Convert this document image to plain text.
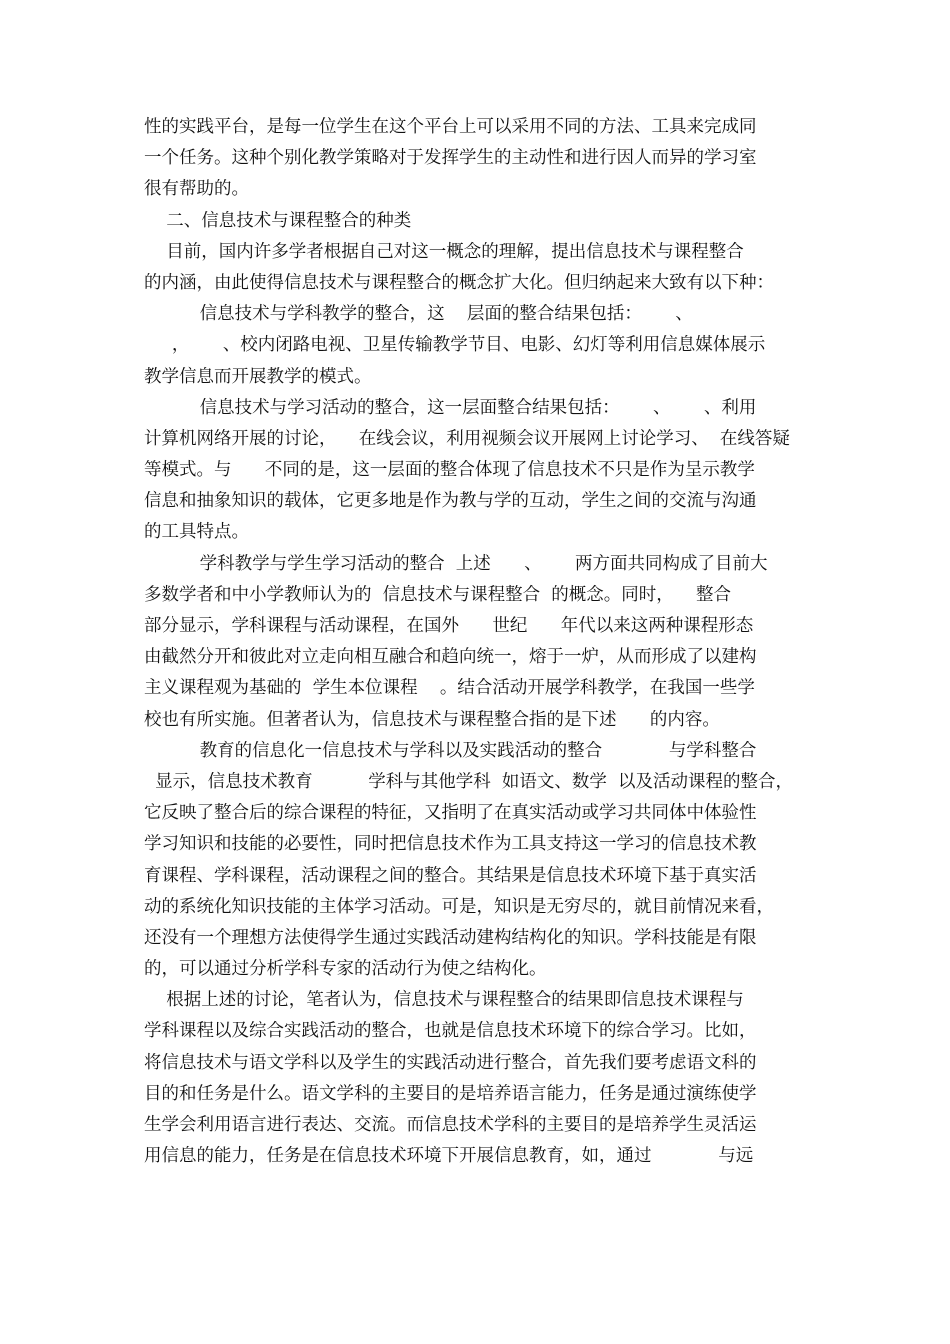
性的实践平台，是每一位学生在这个平台上可以采用不同的方法、工具来完成同
一个任务。这种个别化教学策略对于发挥学生的主动性和进行因人而异的学习室
很有帮助的。
二、信息技术与课程整合的种类
目前，国内许多学者根据自己对这一概念的理解，提出信息技术与课程整合
的内涵，由此使得信息技术与课程整合的概念扩大化。但归纳起来大致有以下种：
信息技术与学科教学的整合，这    层面的整合结果包括：      、
，      、校内闭路电视、卫星传输教学节目、电影、幻灯等利用信息媒体展示
教学信息而开展教学的模式。
信息技术与学习活动的整合，这一层面整合结果包括：      、      、利用
计算机网络开展的讨论，    在线会议，利用视频会议开展网上讨论学习、  在线答疑
等模式。与      不同的是，这一层面的整合体现了信息技术不只是作为呈示教学
信息和抽象知识的载体，它更多地是作为教与学的互动，学生之间的交流与沟通
的工具特点。
学科教学与学生学习活动的整合  上述      、      两方面共同构成了目前大
多数学者和中小学教师认为的  信息技术与课程整合  的概念。同时，    整合
部分显示，学科课程与活动课程，在国外      世纪      年代以来这两种课程形态
由截然分开和彼此对立走向相互融合和趋向统一，熔于一炉，从而形成了以建构
主义课程观为基础的  学生本位课程    。结合活动开展学科教学，在我国一些学
校也有所实施。但著者认为，信息技术与课程整合指的是下述      的内容。
教育的信息化一信息技术与学科以及实践活动的整合            与学科整合
显示，信息技术教育          学科与其他学科  如语文、数学  以及活动课程的整合，
它反映了整合后的综合课程的特征，又指明了在真实活动或学习共同体中体验性
学习知识和技能的必要性，同时把信息技术作为工具支持这一学习的信息技术教
育课程、学科课程，活动课程之间的整合。其结果是信息技术环境下基于真实活
动的系统化知识技能的主体学习活动。可是，知识是无穷尽的，就目前情况来看，
还没有一个理想方法使得学生通过实践活动建构结构化的知识。学科技能是有限
的，可以通过分析学科专家的活动行为使之结构化。
根据上述的讨论，笔者认为，信息技术与课程整合的结果即信息技术课程与
学科课程以及综合实践活动的整合，也就是信息技术环境下的综合学习。比如，
将信息技术与语文学科以及学生的实践活动进行整合，首先我们要考虑语文科的
目的和任务是什么。语文学科的主要目的是培养语言能力，任务是通过演练使学
生学会利用语言进行表达、交流。而信息技术学科的主要目的是培养学生灵活运
用信息的能力，任务是在信息技术环境下开展信息教育，如，通过            与远
